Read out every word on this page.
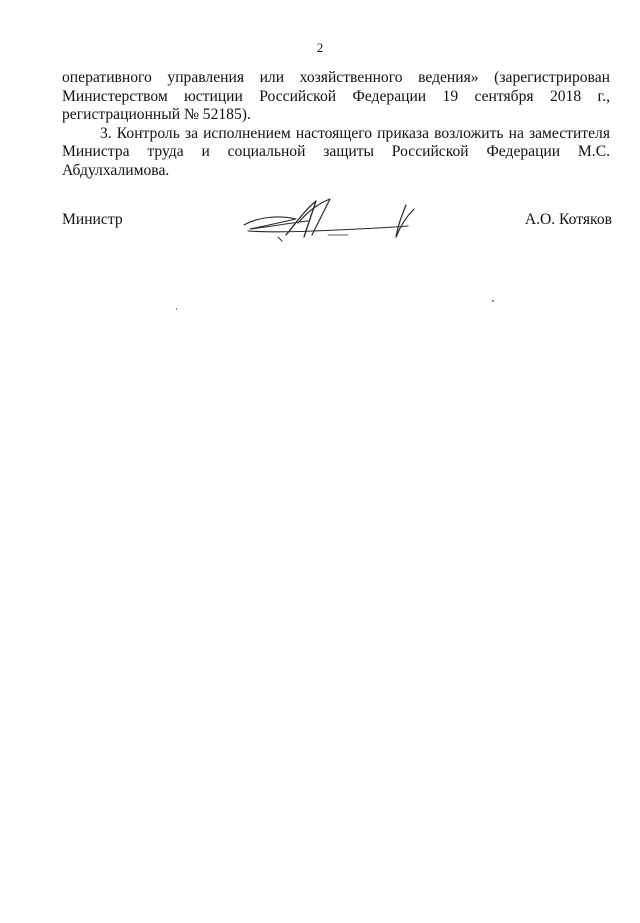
2

оперативного управления или хозяйственного ведения» (зарегистрирован Министерством юстиции Российской Федерации 19 сентября 2018 г., регистрационный № 52185).

3. Контроль за исполнением настоящего приказа возложить на заместителя Министра труда и социальной защиты Российской Федерации М.С. Абдулхалимова.

Министр	А.О. Котяков
